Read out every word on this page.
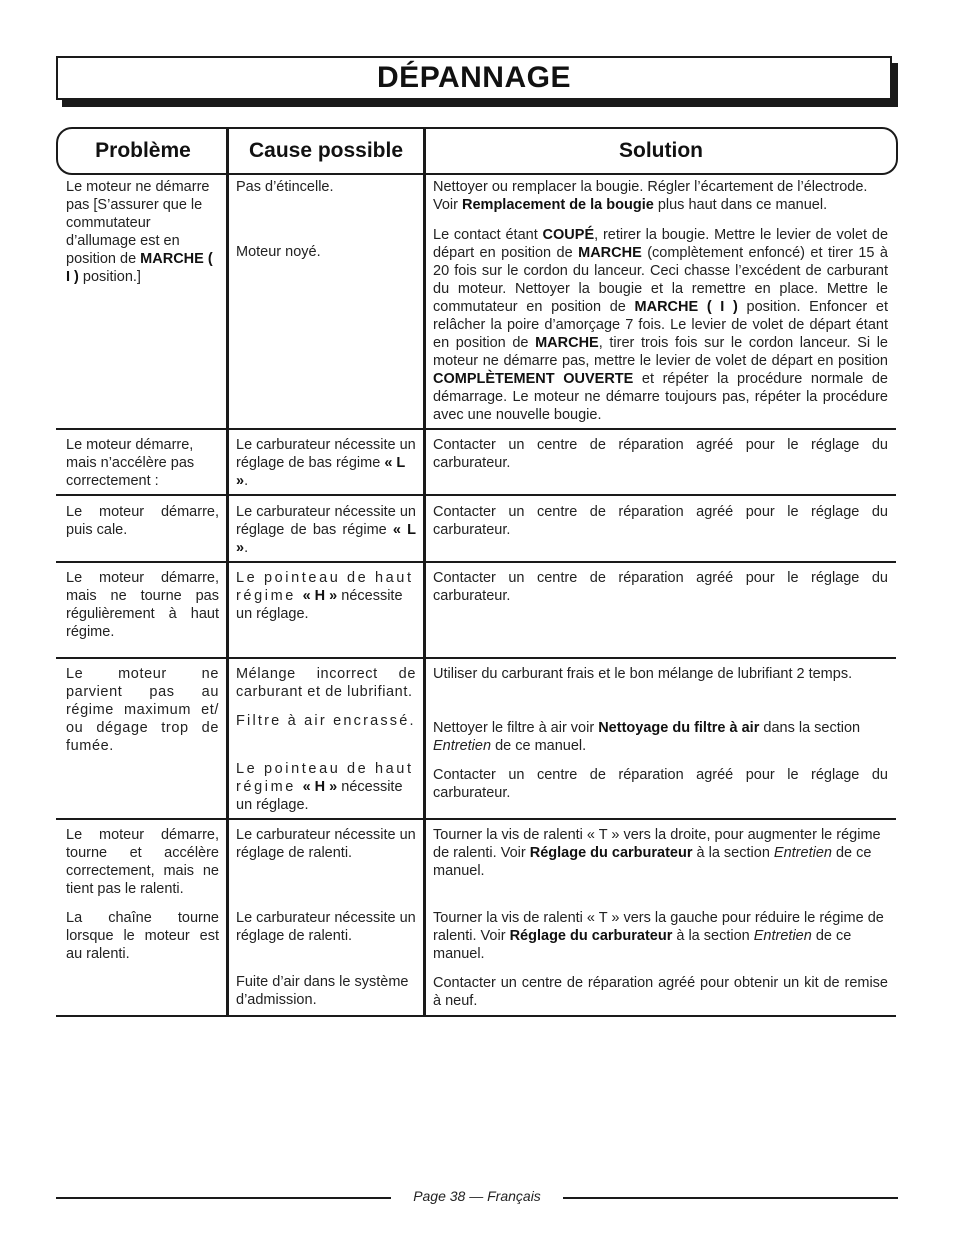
DÉPANNAGE
Problème	Cause possible	Solution
Le moteur ne démarre pas [S’assurer que le commutateur d’allumage est en position de MARCHE ( I ) position.]
Pas d’étincelle.
Moteur noyé.
Nettoyer ou remplacer la bougie. Régler l’écartement de l’électrode. Voir Remplacement de la bougie plus haut dans ce manuel.
Le contact étant COUPÉ, retirer la bougie. Mettre le levier de volet de départ en position de MARCHE (complètement enfoncé) et tirer 15 à 20 fois sur le cordon du lanceur. Ceci chasse l’excédent de carburant du moteur. Nettoyer la bougie et la remettre en place. Mettre le commutateur en position de MARCHE ( I ) position. Enfoncer et relâcher la poire d’amorçage 7 fois. Le levier de volet de départ étant en position de MARCHE, tirer trois fois sur le cordon lanceur. Si le moteur ne démarre pas, mettre le levier de volet de départ en position COMPLÈTEMENT OUVERTE et répéter la procédure normale de démarrage. Le moteur ne démarre toujours pas, répéter la procédure avec une nouvelle bougie.
Le moteur démarre, mais n’accélère pas correctement :
Le carburateur nécessite un réglage de bas régime « L ».
Contacter un centre de réparation agréé pour le réglage du carburateur.
Le moteur démarre, puis cale.
Le carburateur nécessite un réglage de bas régime « L ».
Contacter un centre de réparation agréé pour le réglage du carburateur.
Le moteur démarre, mais ne tourne pas régulièrement à haut régime.
Le pointeau de haut régime « H » nécessite un réglage.
Contacter un centre de réparation agréé pour le réglage du carburateur.
Le moteur ne parvient pas au régime maximum et/ ou dégage trop de fumée.
Mélange incorrect de carburant et de lubrifiant.
Filtre à air encrassé.
Le pointeau de haut régime « H » nécessite un réglage.
Utiliser du carburant frais et le bon mélange de lubrifiant 2 temps.
Nettoyer le filtre à air voir Nettoyage du filtre à air dans la section Entretien de ce manuel.
Contacter un centre de réparation agréé pour le réglage du carburateur.
Le moteur démarre, tourne et accélère correctement, mais ne tient pas le ralenti.
La chaîne tourne lorsque le moteur est au ralenti.
Le carburateur nécessite un réglage de ralenti.
Le carburateur nécessite un réglage de ralenti.
Fuite d’air dans le système d’admission.
Tourner la vis de ralenti « T » vers la droite, pour augmenter le régime de ralenti. Voir Réglage du carburateur à la section Entretien de ce manuel.
Tourner la vis de ralenti « T » vers la gauche pour réduire le régime de ralenti. Voir Réglage du carburateur à la section Entretien de ce manuel.
Contacter un centre de réparation agréé pour obtenir un kit de remise à neuf.
Page 38 — Français
